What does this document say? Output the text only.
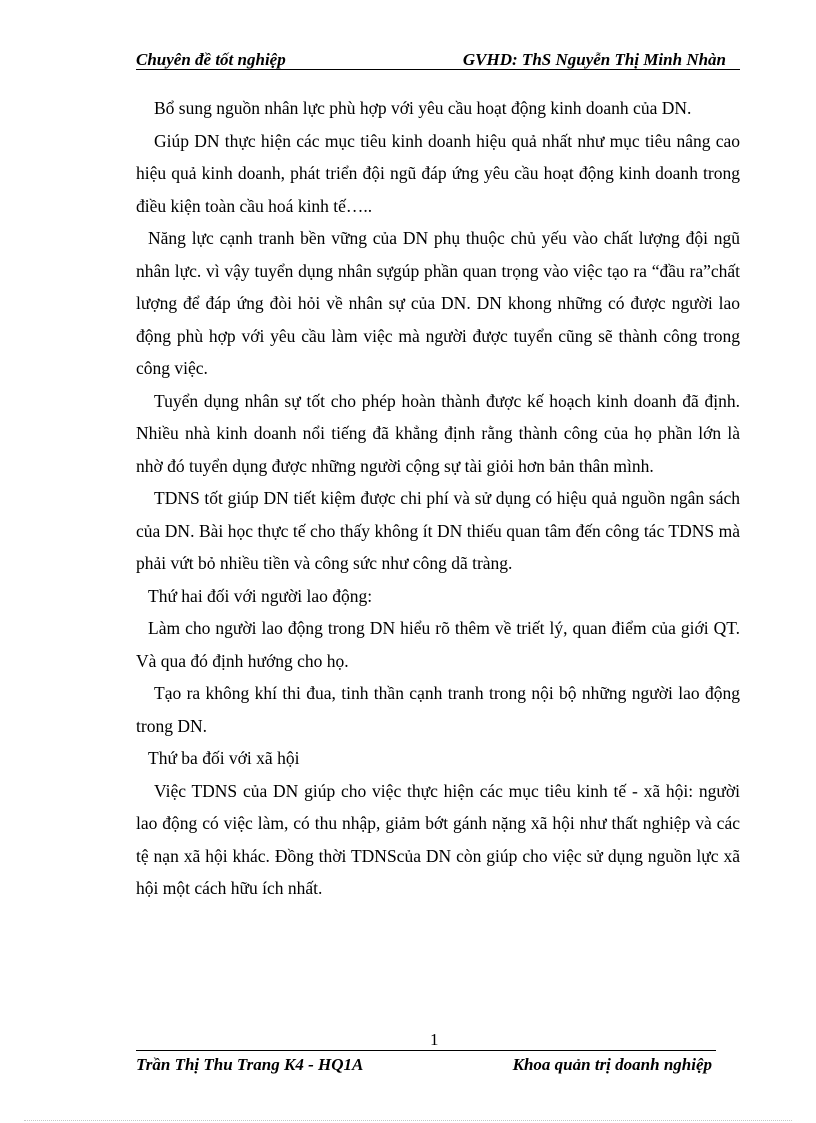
Chuyên đề tốt nghiệp	GVHD: ThS Nguyễn Thị Minh Nhàn

Bổ sung nguồn nhân lực phù hợp với yêu cầu hoạt động kinh doanh của DN.

Giúp DN thực hiện các mục tiêu kinh doanh hiệu quả nhất như mục tiêu nâng cao hiệu quả kinh doanh, phát triển đội ngũ đáp ứng yêu cầu hoạt động kinh doanh trong điều kiện toàn cầu hoá kinh tế…..

Năng lực cạnh tranh bền vững của DN phụ thuộc chủ yếu vào chất lượng đội ngũ nhân lực. vì vậy tuyển dụng nhân sựgúp phần quan trọng vào việc tạo ra “đầu ra”chất lượng để đáp ứng đòi hỏi về nhân sự của DN. DN khong những có được người lao động phù hợp với yêu cầu làm việc mà người được tuyển cũng sẽ thành công trong công việc.

Tuyển dụng nhân sự tốt cho phép hoàn thành được kế hoạch kinh doanh đã định. Nhiều nhà kinh doanh nổi tiếng đã khẳng định rằng thành công của họ phần lớn là nhờ đó tuyển dụng được những người cộng sự tài giỏi hơn bản thân mình.

TDNS tốt giúp DN tiết kiệm được chi phí và sử dụng có hiệu quả nguồn ngân sách của DN. Bài học thực tế cho thấy không ít DN thiếu quan tâm đến công tác TDNS mà phải vứt bỏ nhiều tiền và công sức như công dã tràng.

Thứ hai đối với người lao động:

Làm cho người lao động trong DN hiểu rõ thêm về triết lý, quan điểm của giới QT. Và qua đó định hướng cho họ.

Tạo ra không khí thi đua, tinh thần cạnh tranh trong nội bộ những người lao động trong DN.

Thứ ba đối với xã hội

Việc TDNS của DN giúp cho việc thực hiện các mục tiêu kinh tế - xã hội: người lao động có việc làm, có thu nhập, giảm bớt gánh nặng xã hội như thất nghiệp và các tệ nạn xã hội khác. Đồng thời TDNScủa DN còn giúp cho việc sử dụng nguồn lực xã hội một cách hữu ích nhất.

1
Trần Thị Thu Trang K4 - HQ1A	Khoa quản trị doanh nghiệp
